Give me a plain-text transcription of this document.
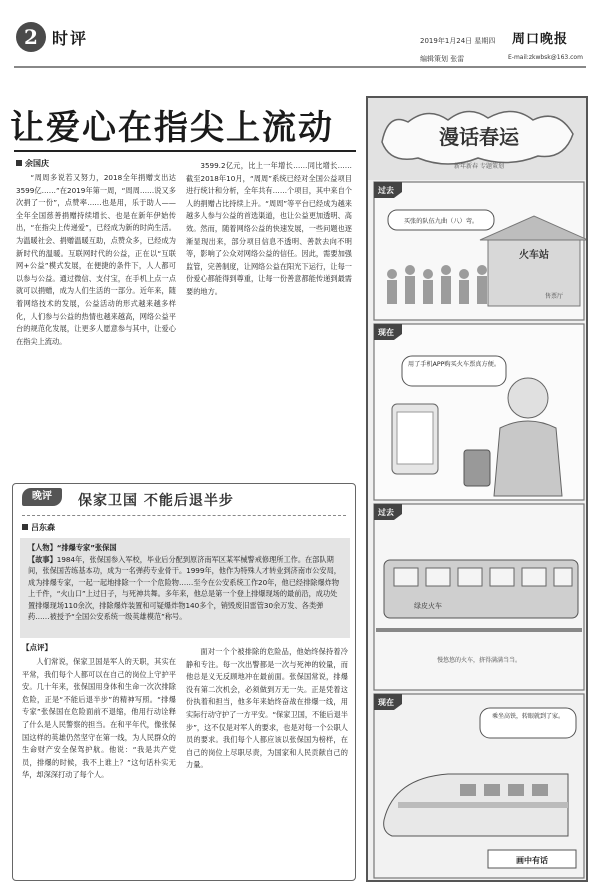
2 时评	2019年1月24日 星期四 周口晚报
编辑策划 张雷	E-mail:zkwbsk@163.com
让爱心在指尖上流动
余国庆
“周周多说若又努力，2018全年捐赠支出达3599亿……”在2019年第一周，“周周……说又多次捐了一份”，点赞率……也是用，乐于助人——全年全国慈善捐赠持续增长、也是在新年伊始传出，“在指尖上传递爱”，已经成为新的时尚生活。为温暖社会、捐赠温暖互助，点赞众多，已经成为新时代的温暖。互联网时代的公益，正在以“互联网+公益”模式发展，在便捷的条件下，人人都可以参与公益。通过微信、支付宝，在手机上点一点就可以捐赠，成为人们生活的一部分。近年来，随着网络技术的发展，公益活动的形式越来越多样化，人们参与公益的热情也越来越高，网络公益平台的规范化发展，让更多人愿意参与其中，让爱心在指尖上流动。
3599.2亿元，比上一年增长……同比增长……截至2018年10月，“周周”系统已经对全国公益项目进行统计和分析，全年共有……个项目，其中来自个人的捐赠占比持续上升。“周周”等平台已经成为越来越多人参与公益的首选渠道，也让公益更加透明、高效。然而，随着网络公益的快速发展，一些问题也逐渐显现出来，部分项目信息不透明、善款去向不明等，影响了公众对网络公益的信任。因此，需要加强监管，完善制度，让网络公益在阳光下运行，让每一份爱心都能得到尊重，让每一份善意都能传递到最需要的地方。
晚评	保家卫国 不能后退半步
吕东森
【人物】“排爆专家”张保国
【故事】1984年，张保国参入军校，毕业后分配到原济南军区某军械警戒修理所工作。在部队期间，张保国苦练基本功，成为一名弹药专业骨干。1999年，他作为特殊人才转业到济南市公安局，成为排爆专家，一起一起地排除一个一个危险物……至今在公安系统工作20年，他已经排除爆炸物上千件，“火山口”上过日子，与死神共舞。多年来，他总是第一个登上排爆现场的最前沿，成功处置排爆现场110余次，排除爆炸装置和可疑爆炸物140多个，销毁废旧雷管30余万发、各类弹药……被授予“全国公安系统一级英雄模范”称号。
【点评】
人们常说，保家卫国是军人的天职，其实在平常，我们每个人都可以在自己的岗位上守护平安。几十年来，张保国用身体和生命一次次排除危险，正是“不能后退半步”的精神写照。“排爆专家”张保国在危险面前不退缩，他用行动诠释了什么是人民警察的担当。在和平年代，像张保国这样的英雄仍然坚守在第一线，为人民群众的生命财产安全保驾护航。他说：“我是共产党员，排爆的时候，我不上谁上？”这句话朴实无华，却深深打动了每个人。
面对一个个被排除的危险品，他始终保持着冷静和专注。每一次出警都是一次与死神的较量，而他总是义无反顾地冲在最前面。张保国常说，排爆没有第二次机会，必须做到万无一失。正是凭着这份执着和担当，他多年来始终奋战在排爆一线，用实际行动守护了一方平安。“保家卫国，不能后退半步”，这不仅是对军人的要求，也是对每一个公职人员的要求。我们每个人都应该以张保国为榜样，在自己的岗位上尽职尽责，为国家和人民贡献自己的力量。
漫话春运
新年新春 专题策划
过去
买张的队伍九曲（八）弯。
火车站
售票厅
现在
用了手机APP购买火车票真方便。
过去
绿皮火车
慢悠悠的火车，挤得满满当当。
现在
乘坐高铁，转眼就到了家。
画中有话
